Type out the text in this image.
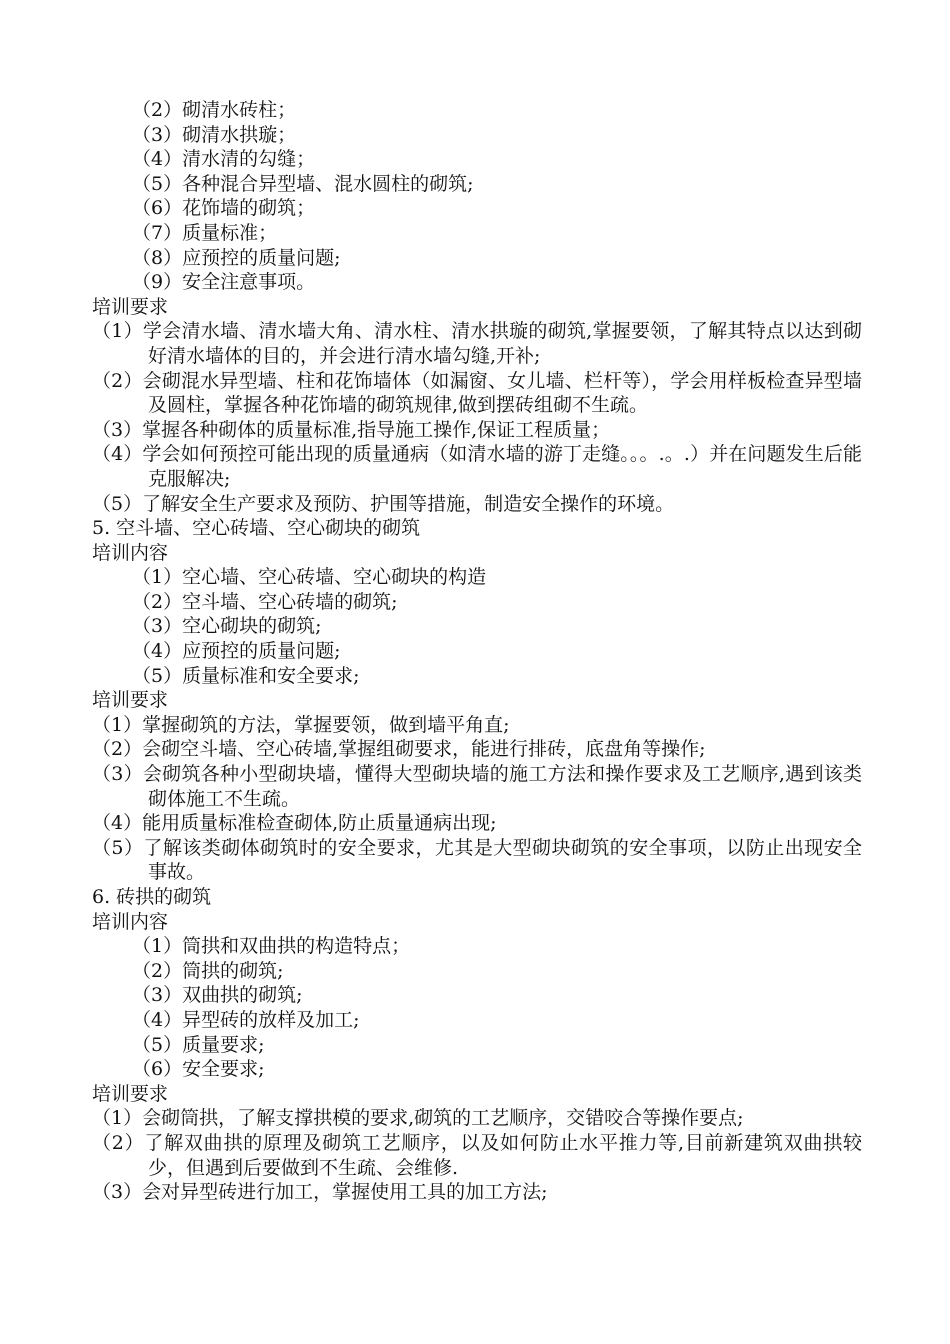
（2）砌清水砖柱；
（3）砌清水拱璇；
（4）清水清的勾缝；
（5）各种混合异型墙、混水圆柱的砌筑;
（6）花饰墙的砌筑；
（7）质量标准；
（8）应预控的质量问题;
（9）安全注意事项。
培训要求
（1）学会清水墙、清水墙大角、清水柱、清水拱璇的砌筑,掌握要领，了解其特点以达到砌好清水墙体的目的，并会进行清水墙勾缝,开补;
（2）会砌混水异型墙、柱和花饰墙体（如漏窗、女儿墙、栏杆等），学会用样板检查异型墙及圆柱，掌握各种花饰墙的砌筑规律,做到摆砖组砌不生疏。
（3）掌握各种砌体的质量标准,指导施工操作,保证工程质量；
（4）学会如何预控可能出现的质量通病（如清水墙的游丁走缝。。。.。.）并在问题发生后能克服解决;
（5）了解安全生产要求及预防、护围等措施，制造安全操作的环境。
5. 空斗墙、空心砖墙、空心砌块的砌筑
培训内容
（1）空心墙、空心砖墙、空心砌块的构造
（2）空斗墙、空心砖墙的砌筑;
（3）空心砌块的砌筑;
（4）应预控的质量问题;
（5）质量标准和安全要求;
培训要求
（1）掌握砌筑的方法，掌握要领，做到墙平角直;
（2）会砌空斗墙、空心砖墙,掌握组砌要求，能进行排砖，底盘角等操作;
（3）会砌筑各种小型砌块墙，懂得大型砌块墙的施工方法和操作要求及工艺顺序,遇到该类砌体施工不生疏。
（4）能用质量标准检查砌体,防止质量通病出现;
（5）了解该类砌体砌筑时的安全要求，尤其是大型砌块砌筑的安全事项，以防止出现安全事故。
6. 砖拱的砌筑
培训内容
（1）筒拱和双曲拱的构造特点；
（2）筒拱的砌筑;
（3）双曲拱的砌筑;
（4）异型砖的放样及加工;
（5）质量要求;
（6）安全要求;
培训要求
（1）会砌筒拱，了解支撑拱模的要求,砌筑的工艺顺序，交错咬合等操作要点;
（2）了解双曲拱的原理及砌筑工艺顺序，以及如何防止水平推力等,目前新建筑双曲拱较少，但遇到后要做到不生疏、会维修.
（3）会对异型砖进行加工，掌握使用工具的加工方法;
